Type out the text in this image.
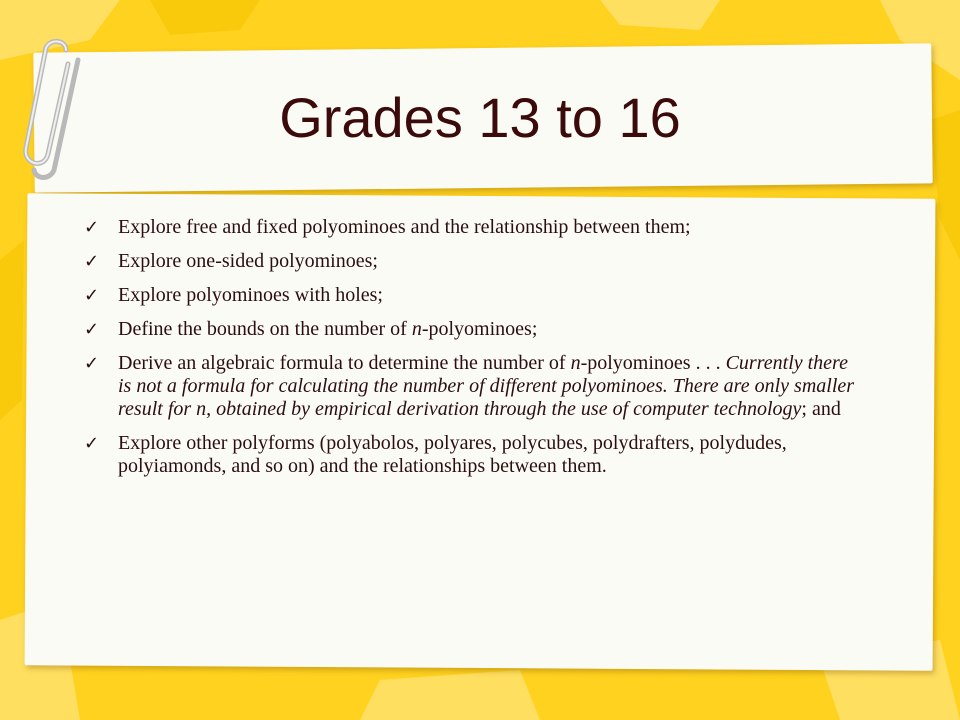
Grades 13 to 16
✓ Explore free and fixed polyominoes and the relationship between them;
✓ Explore one-sided polyominoes;
✓ Explore polyominoes with holes;
✓ Define the bounds on the number of n-polyominoes;
✓ Derive an algebraic formula to determine the number of n-polyominoes . . . Currently there is not a formula for calculating the number of different polyominoes. There are only smaller result for n, obtained by empirical derivation through the use of computer technology; and
✓ Explore other polyforms (polyabolos, polyares, polycubes, polydrafters, polydudes, polyiamonds, and so on) and the relationships between them.
